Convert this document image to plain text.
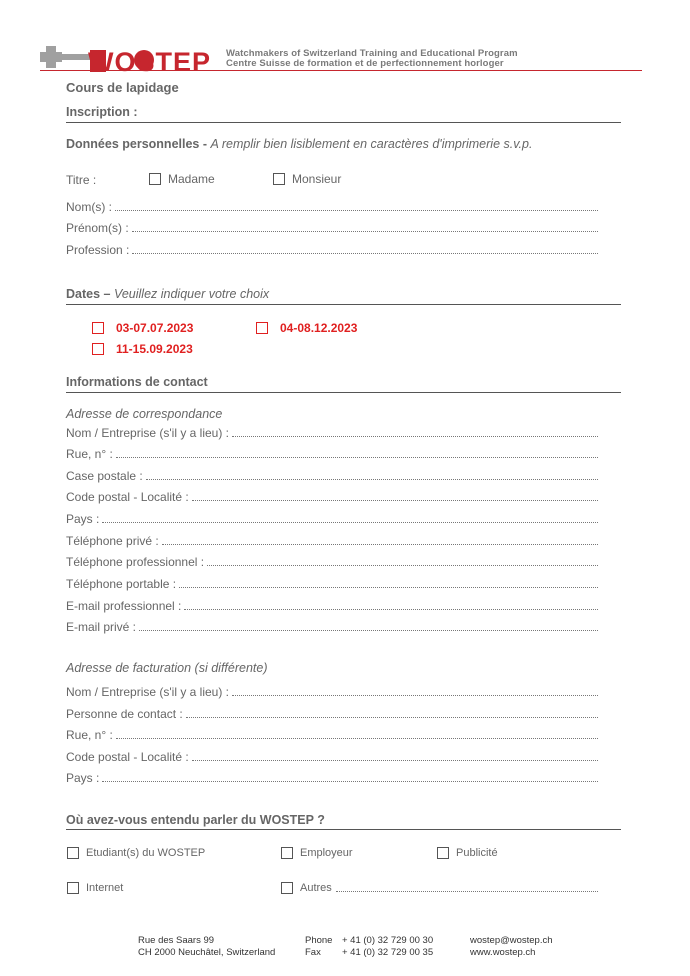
WOSTEP Watchmakers of Switzerland Training and Educational Program
Centre Suisse de formation et de perfectionnement horloger
Cours de lapidage
Inscription :
Données personnelles - A remplir bien lisiblement en caractères d'imprimerie s.v.p.
Titre :	Madame	Monsieur
Nom(s) :
Prénom(s) :
Profession :
Dates – Veuillez indiquer votre choix
03-07.07.2023	04-08.12.2023
11-15.09.2023
Informations de contact
Adresse de correspondance
Nom / Entreprise (s'il y a lieu) :
Rue, n° :
Case postale :
Code postal - Localité :
Pays :
Téléphone privé :
Téléphone professionnel :
Téléphone portable :
E-mail professionnel :
E-mail privé :
Adresse de facturation (si différente)
Nom / Entreprise (s'il y a lieu) :
Personne de contact :
Rue, n° :
Code postal - Localité :
Pays :
Où avez-vous entendu parler du WOSTEP ?
Etudiant(s) du WOSTEP	Employeur	Publicité
Internet	Autres
Rue des Saars 99
CH 2000 Neuchâtel, Switzerland
Phone
Fax
+ 41 (0) 32 729 00 30
+ 41 (0) 32 729 00 35
wostep@wostep.ch
www.wostep.ch
